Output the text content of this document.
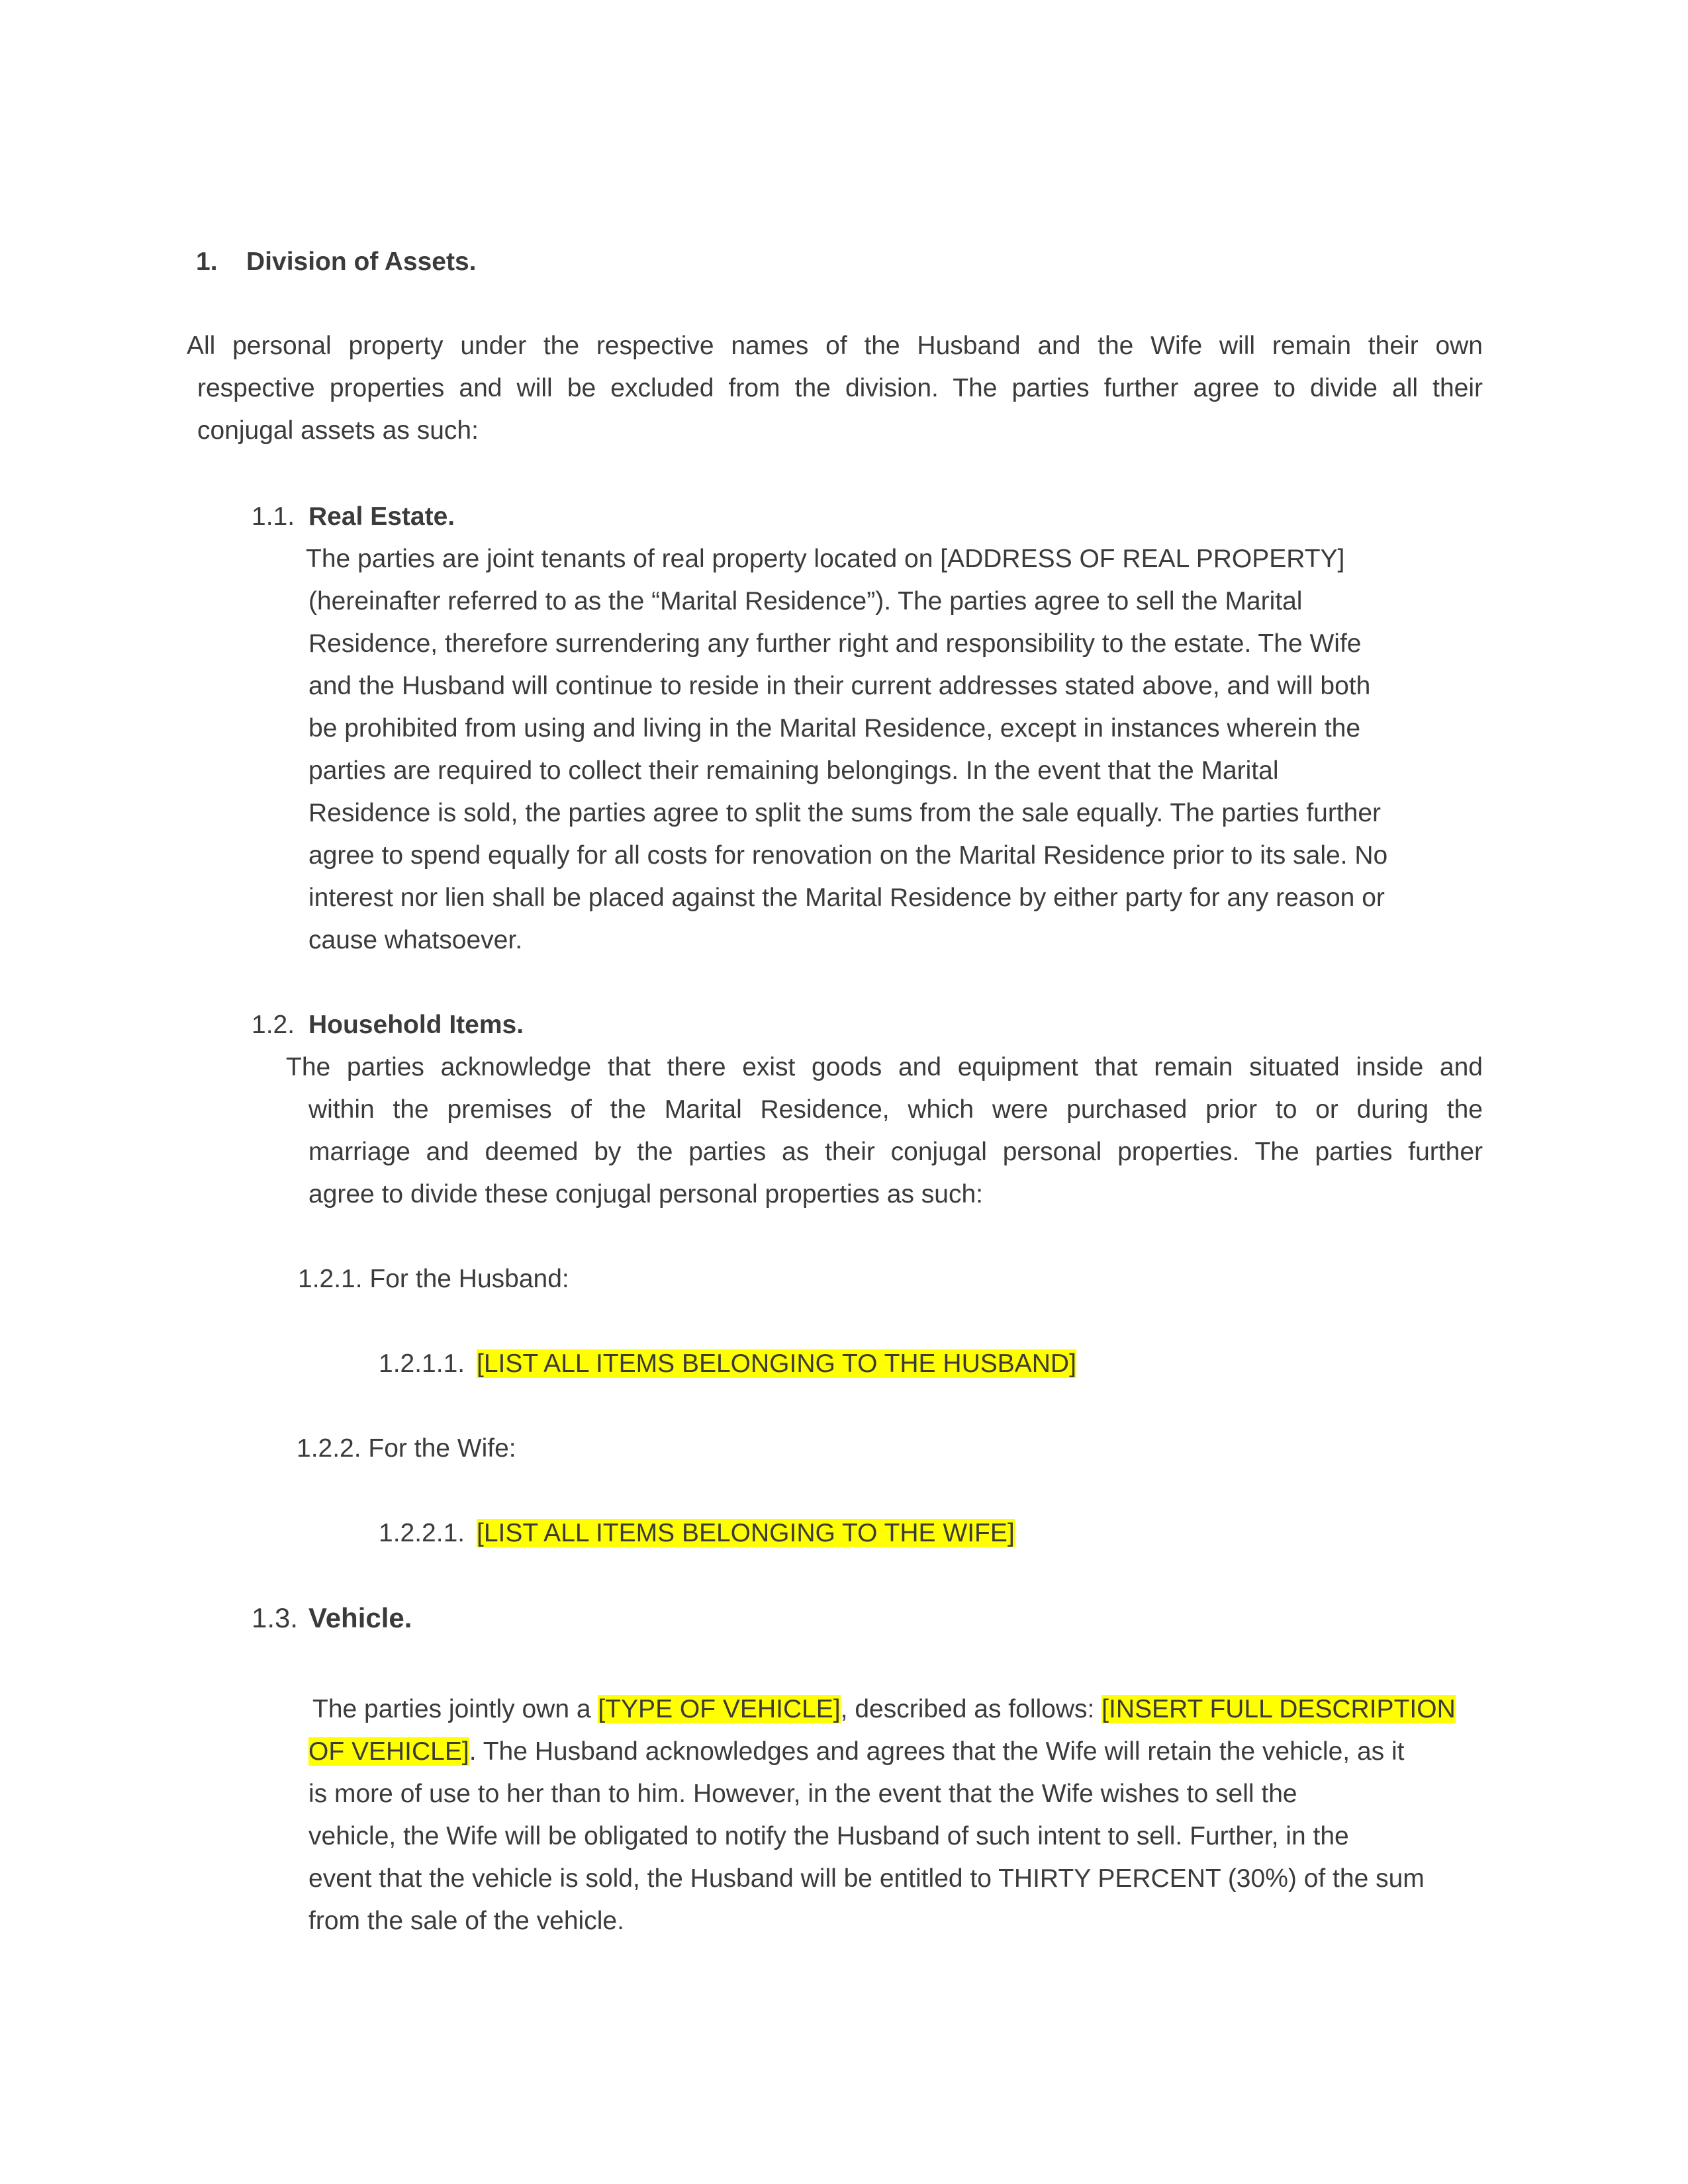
1. Division of Assets.
All personal property under the respective names of the Husband and the Wife will remain their own
respective properties and will be excluded from the division. The parties further agree to divide all their
conjugal assets as such:
1.1. Real Estate.
The parties are joint tenants of real property located on [ADDRESS OF REAL PROPERTY]
(hereinafter referred to as the “Marital Residence”). The parties agree to sell the Marital
Residence, therefore surrendering any further right and responsibility to the estate. The Wife
and the Husband will continue to reside in their current addresses stated above, and will both
be prohibited from using and living in the Marital Residence, except in instances wherein the
parties are required to collect their remaining belongings. In the event that the Marital
Residence is sold, the parties agree to split the sums from the sale equally. The parties further
agree to spend equally for all costs for renovation on the Marital Residence prior to its sale. No
interest nor lien shall be placed against the Marital Residence by either party for any reason or
cause whatsoever.
1.2. Household Items.
The parties acknowledge that there exist goods and equipment that remain situated inside and
within the premises of the Marital Residence, which were purchased prior to or during the
marriage and deemed by the parties as their conjugal personal properties. The parties further
agree to divide these conjugal personal properties as such:
1.2.1. For the Husband:
1.2.1.1. [LIST ALL ITEMS BELONGING TO THE HUSBAND]
1.2.2. For the Wife:
1.2.2.1. [LIST ALL ITEMS BELONGING TO THE WIFE]
1.3. Vehicle.
The parties jointly own a [TYPE OF VEHICLE], described as follows: [INSERT FULL DESCRIPTION
OF VEHICLE]. The Husband acknowledges and agrees that the Wife will retain the vehicle, as it
is more of use to her than to him. However, in the event that the Wife wishes to sell the
vehicle, the Wife will be obligated to notify the Husband of such intent to sell. Further, in the
event that the vehicle is sold, the Husband will be entitled to THIRTY PERCENT (30%) of the sum
from the sale of the vehicle.
